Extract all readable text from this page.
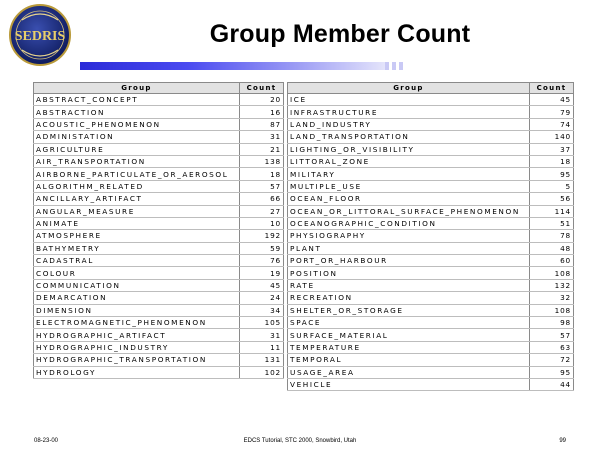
SEDRIS	Group Member Count
Group	Count
ABSTRACT_CONCEPT	20
ABSTRACTION	16
ACOUSTIC_PHENOMENON	87
ADMINISTATION	31
AGRICULTURE	21
AIR_TRANSPORTATION	138
AIRBORNE_PARTICULATE_OR_AEROSOL	18
ALGORITHM_RELATED	57
ANCILLARY_ARTIFACT	66
ANGULAR_MEASURE	27
ANIMATE	10
ATMOSPHERE	192
BATHYMETRY	59
CADASTRAL	76
COLOUR	19
COMMUNICATION	45
DEMARCATION	24
DIMENSION	34
ELECTROMAGNETIC_PHENOMENON	105
HYDROGRAPHIC_ARTIFACT	31
HYDROGRAPHIC_INDUSTRY	11
HYDROGRAPHIC_TRANSPORTATION	131
HYDROLOGY	102
Group	Count
ICE	45
INFRASTRUCTURE	79
LAND_INDUSTRY	74
LAND_TRANSPORTATION	140
LIGHTING_OR_VISIBILITY	37
LITTORAL_ZONE	18
MILITARY	95
MULTIPLE_USE	5
OCEAN_FLOOR	56
OCEAN_OR_LITTORAL_SURFACE_PHENOMENON	114
OCEANOGRAPHIC_CONDITION	51
PHYSIOGRAPHY	78
PLANT	48
PORT_OR_HARBOUR	60
POSITION	108
RATE	132
RECREATION	32
SHELTER_OR_STORAGE	108
SPACE	98
SURFACE_MATERIAL	57
TEMPERATURE	63
TEMPORAL	72
USAGE_AREA	95
VEHICLE	44
08-23-00	EDCS Tutorial, STC 2000, Snowbird, Utah	99
